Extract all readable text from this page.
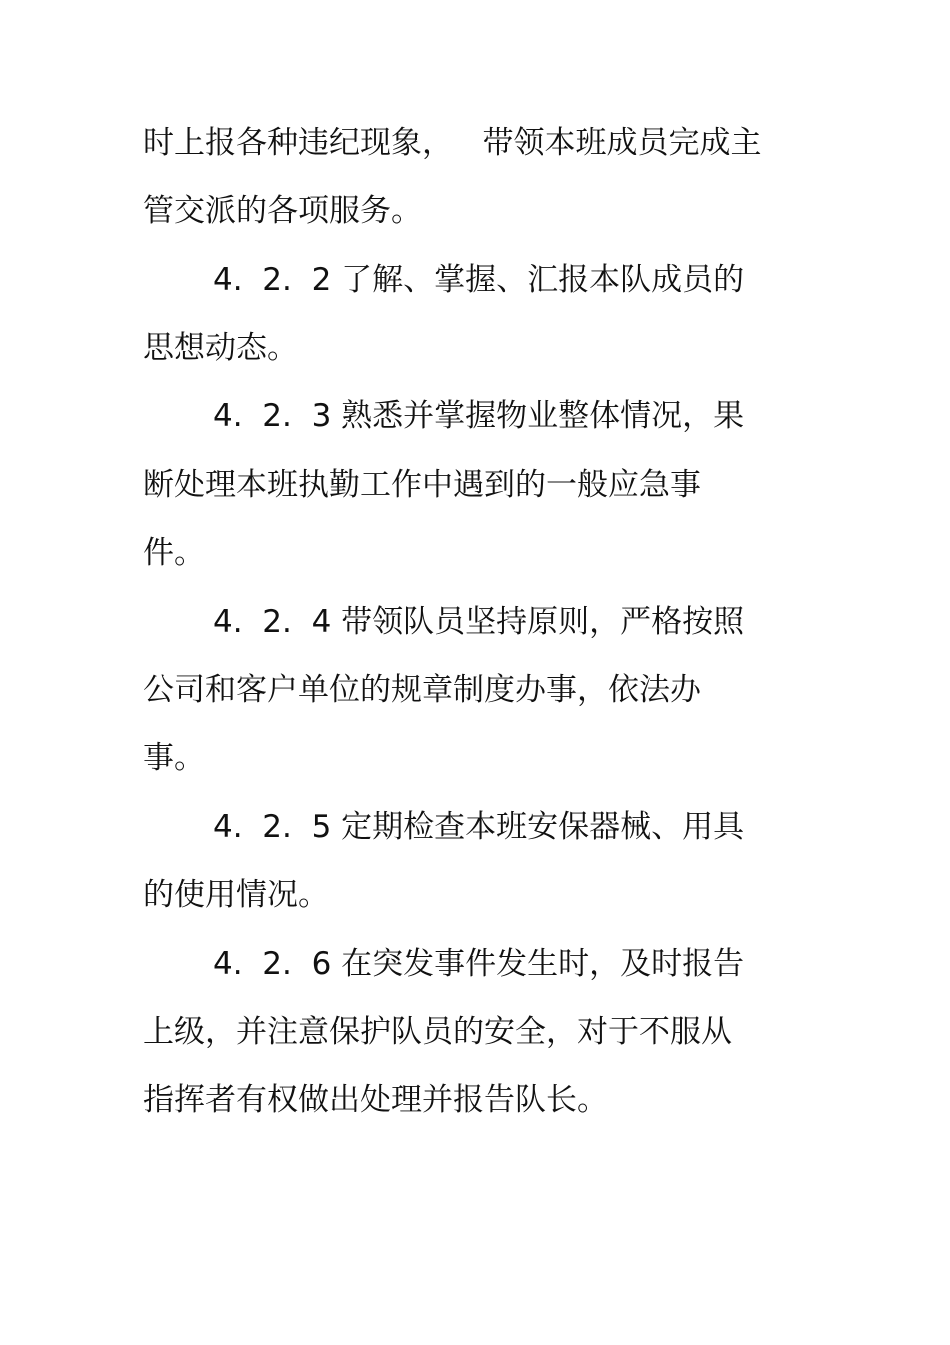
时上报各种违纪现象，   带领本班成员完成主
管交派的各项服务。
4.  2.  2 了解、掌握、汇报本队成员的
思想动态。
4.  2.  3 熟悉并掌握物业整体情况，果
断处理本班执勤工作中遇到的一般应急事
件。
4.  2.  4 带领队员坚持原则，严格按照
公司和客户单位的规章制度办事，依法办
事。
4.  2.  5 定期检查本班安保器械、用具
的使用情况。
4.  2.  6 在突发事件发生时，及时报告
上级，并注意保护队员的安全，对于不服从
指挥者有权做出处理并报告队长。
